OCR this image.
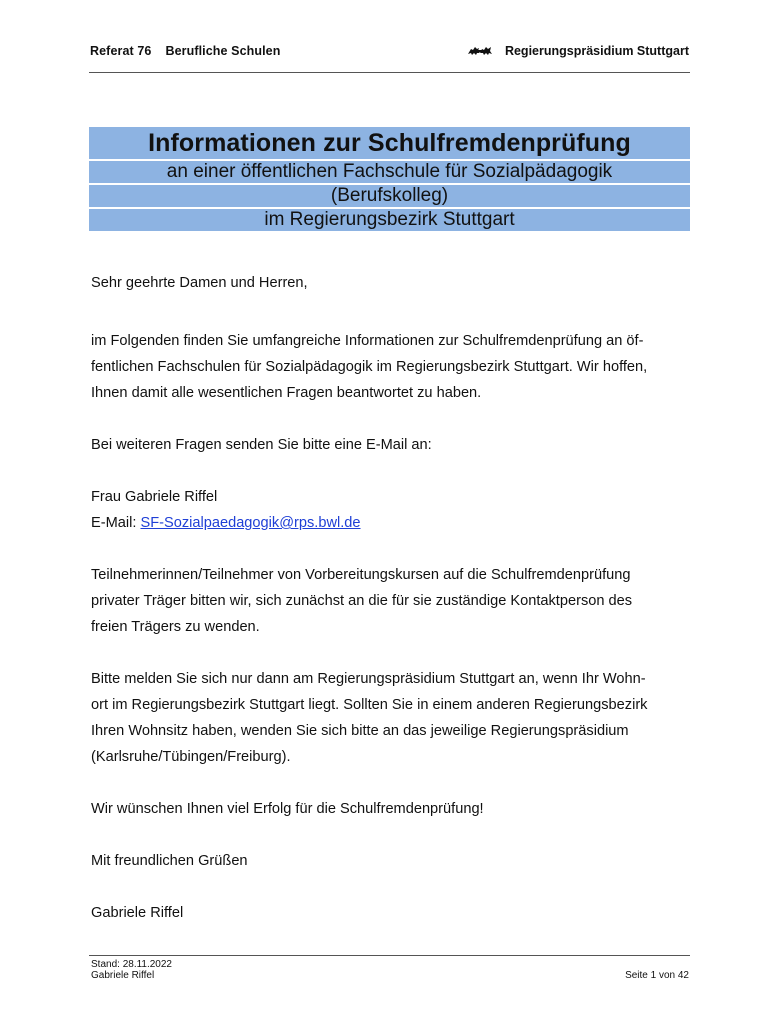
Referat 76 Berufliche Schulen	Regierungspräsidium Stuttgart
Informationen zur Schulfremdenprüfung
an einer öffentlichen Fachschule für Sozialpädagogik
(Berufskolleg)
im Regierungsbezirk Stuttgart

Sehr geehrte Damen und Herren,

im Folgenden finden Sie umfangreiche Informationen zur Schulfremdenprüfung an öf-

fentlichen Fachschulen für Sozialpädagogik im Regierungsbezirk Stuttgart. Wir hoffen,

Ihnen damit alle wesentlichen Fragen beantwortet zu haben.

Bei weiteren Fragen senden Sie bitte eine E-Mail an:

Frau Gabriele Riffel

E-Mail: SF-Sozialpaedagogik@rps.bwl.de

Teilnehmerinnen/Teilnehmer von Vorbereitungskursen auf die Schulfremdenprüfung

privater Träger bitten wir, sich zunächst an die für sie zuständige Kontaktperson des

freien Trägers zu wenden.

Bitte melden Sie sich nur dann am Regierungspräsidium Stuttgart an, wenn Ihr Wohn-

ort im Regierungsbezirk Stuttgart liegt. Sollten Sie in einem anderen Regierungsbezirk

Ihren Wohnsitz haben, wenden Sie sich bitte an das jeweilige Regierungspräsidium

(Karlsruhe/Tübingen/Freiburg).

Wir wünschen Ihnen viel Erfolg für die Schulfremdenprüfung!

Mit freundlichen Grüßen

Gabriele Riffel

Stand: 28.11.2022
Gabriele Riffel	Seite 1 von 42
